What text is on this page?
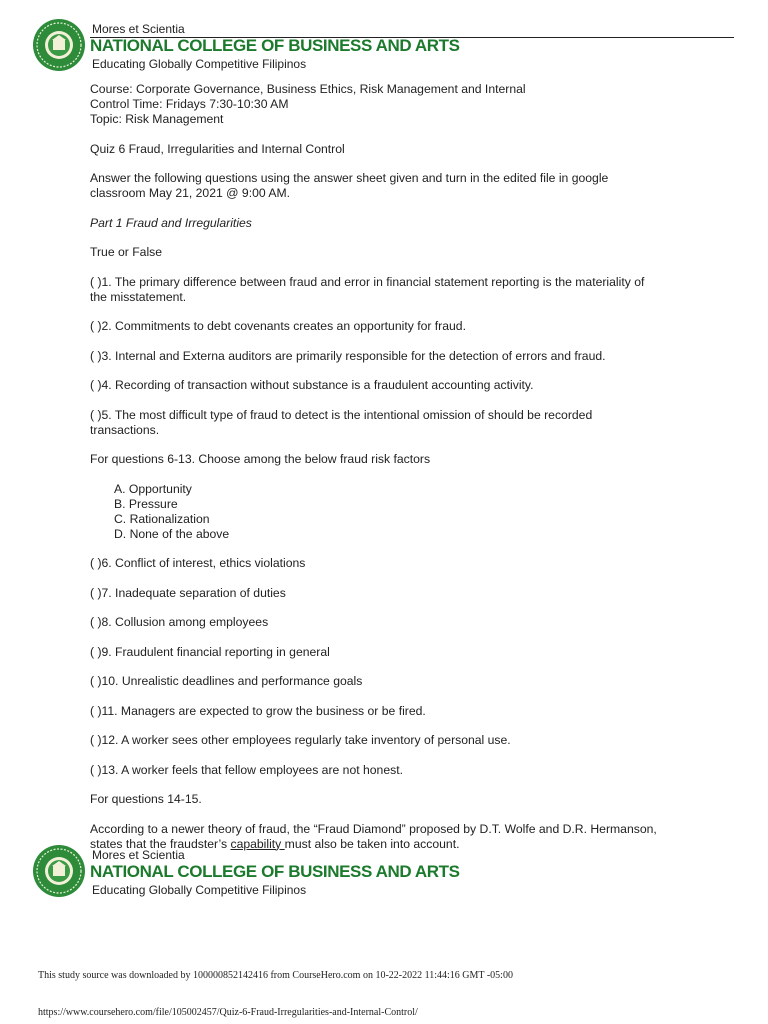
Mores et Scientia
NATIONAL COLLEGE OF BUSINESS AND ARTS
Educating Globally Competitive Filipinos

Course: Corporate Governance, Business Ethics, Risk Management and Internal

Control Time: Fridays 7:30-10:30 AM

Topic: Risk Management

Quiz 6 Fraud, Irregularities and Internal Control

Answer the following questions using the answer sheet given and turn in the edited file in google

classroom May 21, 2021 @ 9:00 AM.

Part 1 Fraud and Irregularities

True or False

( )1. The primary difference between fraud and error in financial statement reporting is the materiality of

the misstatement.

( )2. Commitments to debt covenants creates an opportunity for fraud.

( )3. Internal and Externa auditors are primarily responsible for the detection of errors and fraud.

( )4. Recording of transaction without substance is a fraudulent accounting activity.

( )5. The most difficult type of fraud to detect is the intentional omission of should be recorded

transactions.

For questions 6-13. Choose among the below fraud risk factors

A. Opportunity
B. Pressure
C. Rationalization
D. None of the above

( )6. Conflict of interest, ethics violations

( )7. Inadequate separation of duties

( )8. Collusion among employees

( )9. Fraudulent financial reporting in general

( )10. Unrealistic deadlines and performance goals

( )11. Managers are expected to grow the business or be fired.

( )12. A worker sees other employees regularly take inventory of personal use.

( )13. A worker feels that fellow employees are not honest.

For questions 14-15.

According to a newer theory of fraud, the “Fraud Diamond” proposed by D.T. Wolfe and D.R. Hermanson,

states that the fraudster’s capability must also be taken into account.

Mores et Scientia
NATIONAL COLLEGE OF BUSINESS AND ARTS
Educating Globally Competitive Filipinos
This study source was downloaded by 100000852142416 from CourseHero.com on 10-22-2022 11:44:16 GMT -05:00
https://www.coursehero.com/file/105002457/Quiz-6-Fraud-Irregularities-and-Internal-Control/
